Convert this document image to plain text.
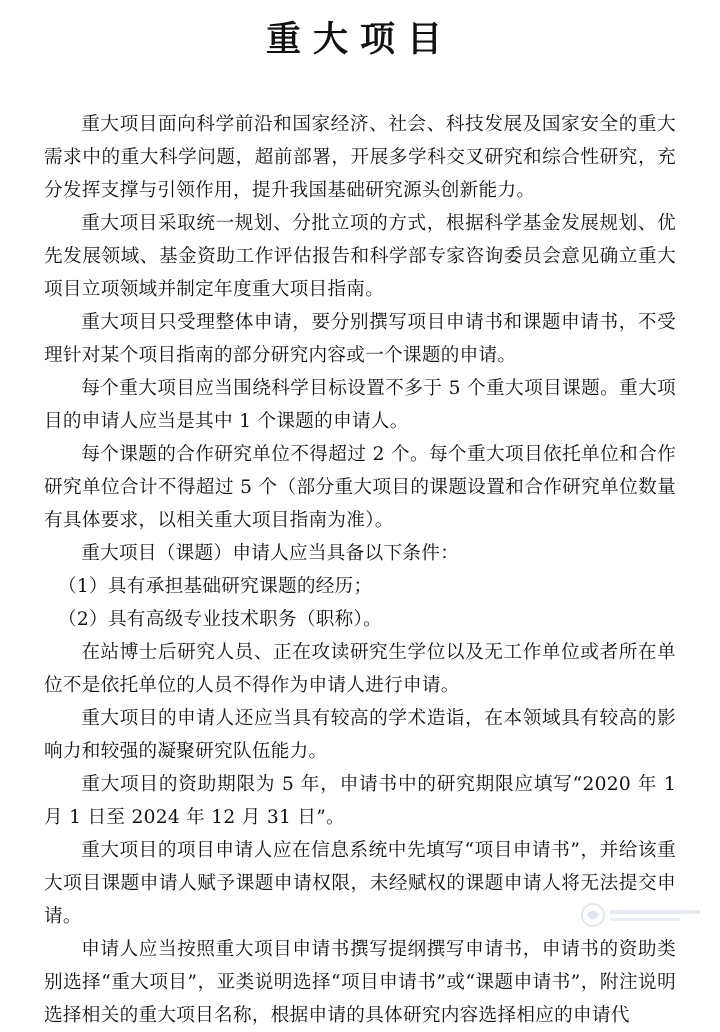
重大项目

重大项目面向科学前沿和国家经济、社会、科技发展及国家安全的重大需求中的重大科学问题，超前部署，开展多学科交叉研究和综合性研究，充分发挥支撑与引领作用，提升我国基础研究源头创新能力。

重大项目采取统一规划、分批立项的方式，根据科学基金发展规划、优先发展领域、基金资助工作评估报告和科学部专家咨询委员会意见确立重大项目立项领域并制定年度重大项目指南。

重大项目只受理整体申请，要分别撰写项目申请书和课题申请书，不受理针对某个项目指南的部分研究内容或一个课题的申请。

每个重大项目应当围绕科学目标设置不多于 5 个重大项目课题。重大项目的申请人应当是其中 1 个课题的申请人。

每个课题的合作研究单位不得超过 2 个。每个重大项目依托单位和合作研究单位合计不得超过 5 个（部分重大项目的课题设置和合作研究单位数量有具体要求，以相关重大项目指南为准）。

重大项目（课题）申请人应当具备以下条件：

（1）具有承担基础研究课题的经历；

（2）具有高级专业技术职务（职称）。

在站博士后研究人员、正在攻读研究生学位以及无工作单位或者所在单位不是依托单位的人员不得作为申请人进行申请。

重大项目的申请人还应当具有较高的学术造诣，在本领域具有较高的影响力和较强的凝聚研究队伍能力。

重大项目的资助期限为 5 年，申请书中的研究期限应填写“2020 年 1 月 1 日至 2024 年 12 月 31 日”。

重大项目的项目申请人应在信息系统中先填写“项目申请书”，并给该重大项目课题申请人赋予课题申请权限，未经赋权的课题申请人将无法提交申请。

申请人应当按照重大项目申请书撰写提纲撰写申请书，申请书的资助类别选择“重大项目”，亚类说明选择“项目申请书”或“课题申请书”，附注说明选择相关的重大项目名称，根据申请的具体研究内容选择相应的申请代
